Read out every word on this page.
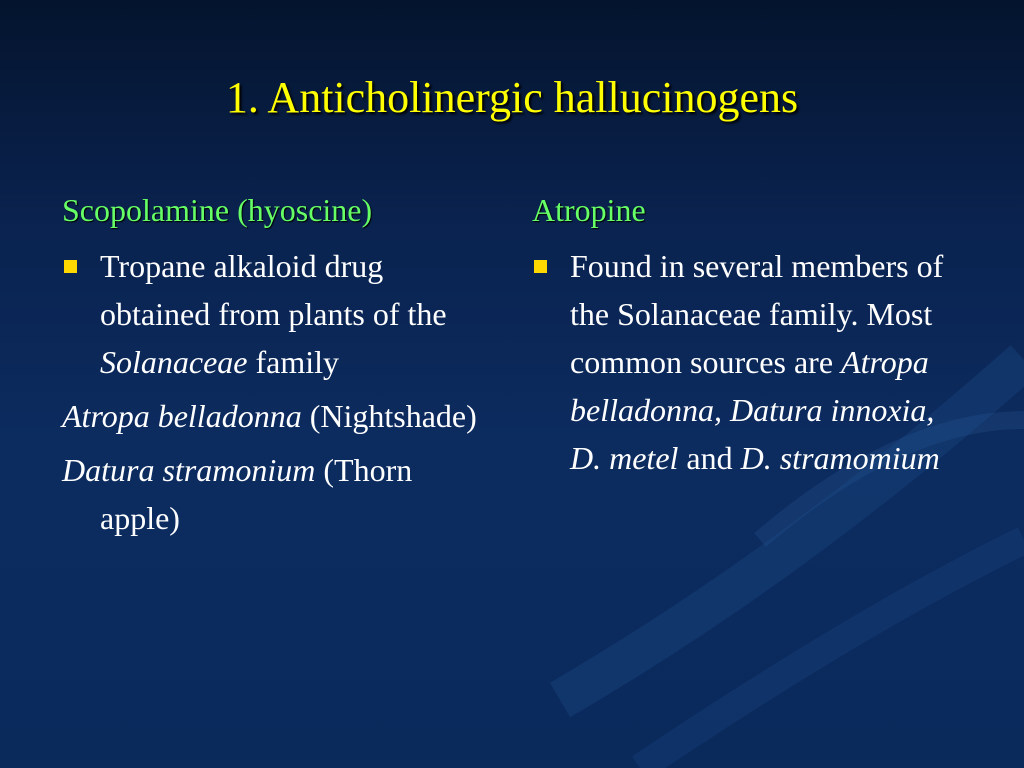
1. Anticholinergic hallucinogens
Scopolamine (hyoscine)
Tropane alkaloid drug obtained from plants of the Solanaceae family
Atropa belladonna (Nightshade)
Datura stramonium (Thorn apple)
Atropine
Found in several members of the Solanaceae family. Most common sources are Atropa belladonna, Datura innoxia, D. metel and D. stramomium
